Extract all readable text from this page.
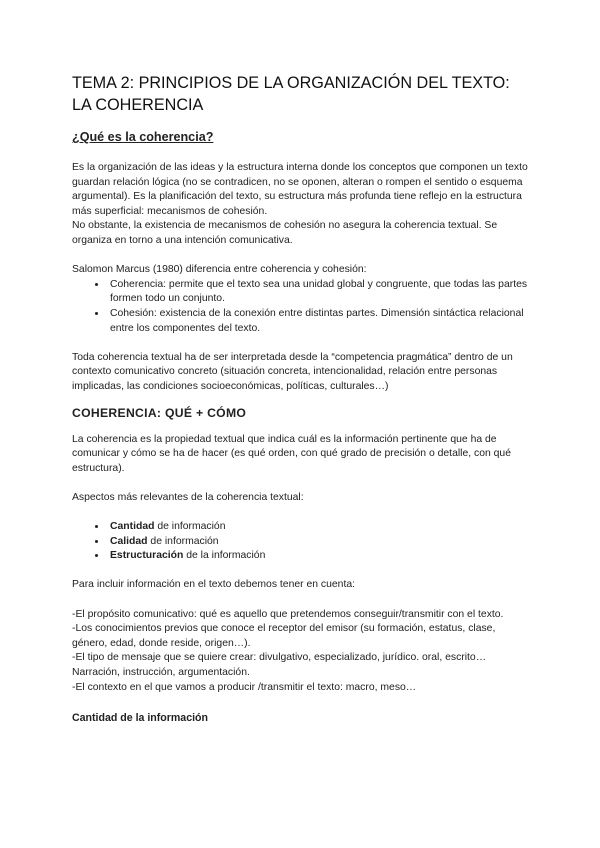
TEMA 2: PRINCIPIOS DE LA ORGANIZACIÓN DEL TEXTO:
LA COHERENCIA
¿Qué es la coherencia?

Es la organización de las ideas y la estructura interna donde los conceptos que componen un texto guardan relación lógica (no se contradicen, no se oponen, alteran o rompen el sentido o esquema argumental). Es la planificación del texto, su estructura más profunda tiene reflejo en la estructura más superficial: mecanismos de cohesión.
No obstante, la existencia de mecanismos de cohesión no asegura la coherencia textual. Se organiza en torno a una intención comunicativa.

Salomon Marcus (1980) diferencia entre coherencia y cohesión:

• Coherencia: permite que el texto sea una unidad global y congruente, que todas las partes formen todo un conjunto.
• Cohesión: existencia de la conexión entre distintas partes. Dimensión sintáctica relacional entre los componentes del texto.

Toda coherencia textual ha de ser interpretada desde la “competencia pragmática” dentro de un contexto comunicativo concreto (situación concreta, intencionalidad, relación entre personas implicadas, las condiciones socioeconómicas, políticas, culturales…)

COHERENCIA: QUÉ + CÓMO

La coherencia es la propiedad textual que indica cuál es la información pertinente que ha de comunicar y cómo se ha de hacer (es qué orden, con qué grado de precisión o detalle, con qué estructura).

Aspectos más relevantes de la coherencia textual:

• Cantidad de información
• Calidad de información
• Estructuración de la información

Para incluir información en el texto debemos tener en cuenta:

-El propósito comunicativo: qué es aquello que pretendemos conseguir/transmitir con el texto.
-Los conocimientos previos que conoce el receptor del emisor (su formación, estatus, clase, género, edad, donde reside, origen…).
-El tipo de mensaje que se quiere crear: divulgativo, especializado, jurídico. oral, escrito… Narración, instrucción, argumentación.
-El contexto en el que vamos a producir /transmitir el texto: macro, meso…

Cantidad de la información
